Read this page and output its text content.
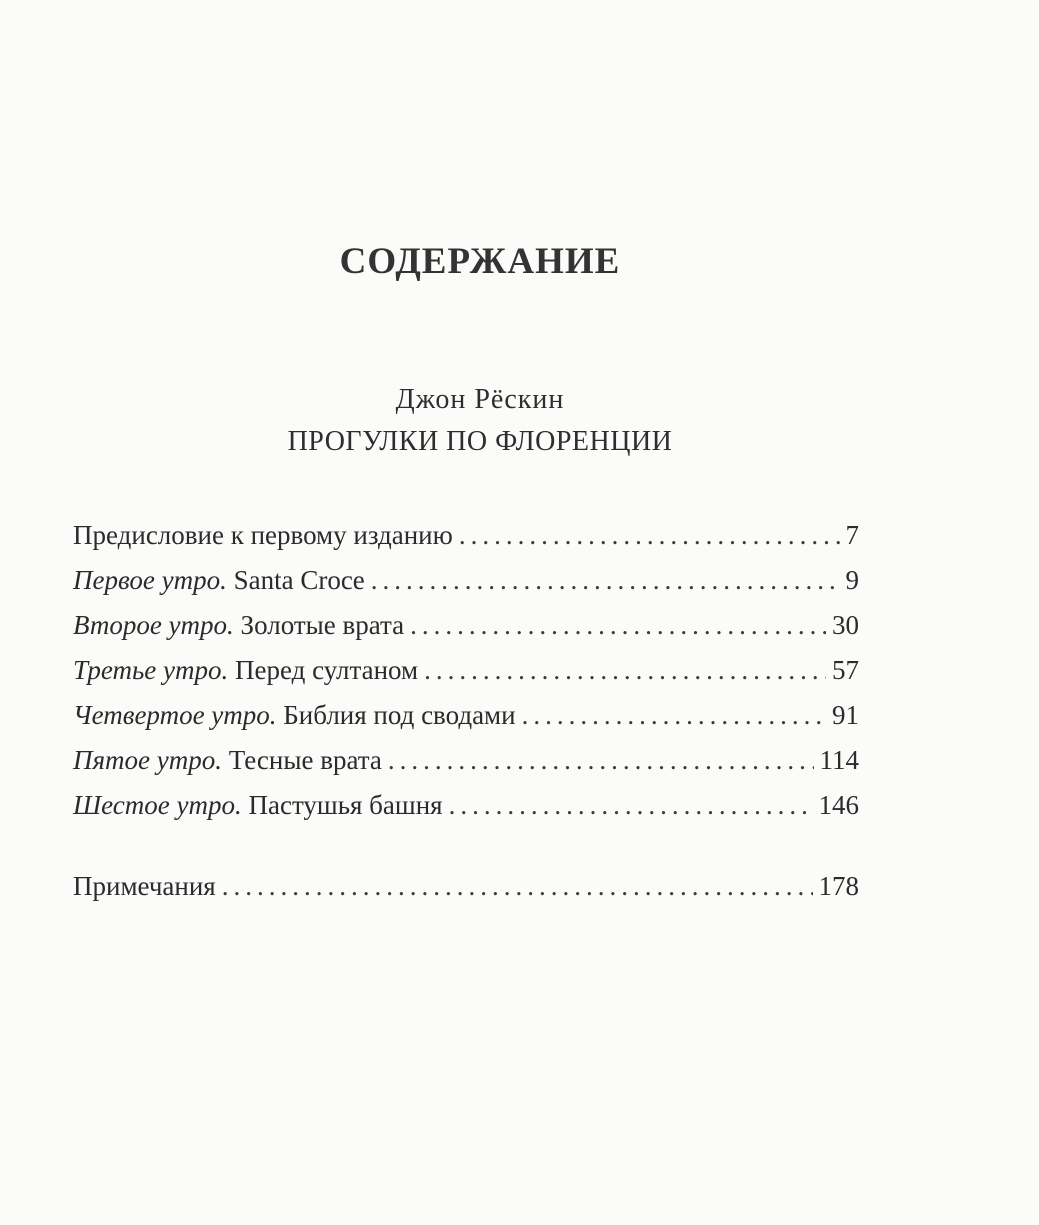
СОДЕРЖАНИЕ
Джон Рёскин
ПРОГУЛКИ ПО ФЛОРЕНЦИИ
Предисловие к первому изданию .....	7
Первое утро. Santa Croce .....	9
Второе утро. Золотые врата .....	30
Третье утро. Перед султаном .....	57
Четвертое утро. Библия под сводами .....	91
Пятое утро. Тесные врата .....	114
Шестое утро. Пастушья башня .....	146
Примечания .....	178
